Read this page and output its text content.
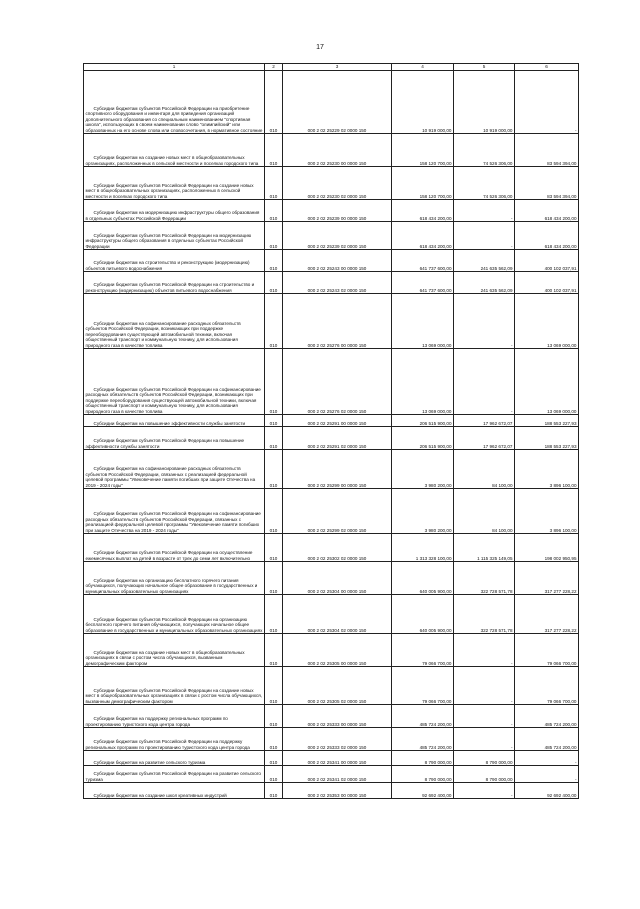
17
1	2	3	4	5	6
Субсидии бюджетам субъектов Российской Федерации на приобретение спортивного оборудования и инвентаря для приведения организаций дополнительного образования со специальным наименованием "спортивная школа", использующих в своем наименовании слово "олимпийский" или образованных на его основе слова или словосочетания, в нормативное состояние	010	000 2 02 25229 02 0000 150	10 919 000,00	10 919 000,00	-
Субсидии бюджетам на создание новых мест в общеобразовательных организациях, расположенных в сельской местности и поселках городского типа	010	000 2 02 25230 00 0000 150	158 120 700,00	74 526 306,00	83 594 394,00
Субсидии бюджетам субъектов Российской Федерации на создание новых мест в общеобразовательных организациях, расположенных в сельской местности и поселках городского типа	010	000 2 02 25230 02 0000 150	158 120 700,00	74 526 306,00	83 594 394,00
Субсидии бюджетам на модернизацию инфраструктуры общего образования в отдельных субъектах Российской Федерации	010	000 2 02 25239 00 0000 150	618 434 200,00	-	618 434 200,00
Субсидии бюджетам субъектов Российской Федерации на модернизацию инфраструктуры общего образования в отдельных субъектах Российской Федерации	010	000 2 02 25239 02 0000 150	618 434 200,00	-	618 434 200,00
Субсидии бюджетам на строительство и реконструкцию (модернизацию) объектов питьевого водоснабжения	010	000 2 02 25243 00 0000 150	641 737 600,00	241 635 562,09	400 102 037,91
Субсидии бюджетам субъектов Российской Федерации на строительство и реконструкцию (модернизацию) объектов питьевого водоснабжения	010	000 2 02 25243 02 0000 150	641 737 600,00	241 635 562,09	400 102 037,91
Субсидии бюджетам на софинансирование расходных обязательств субъектов Российской Федерации, возникающих при поддержке переоборудования существующей автомобильной техники, включая общественный транспорт и коммунальную технику, для использования природного газа в качестве топлива	010	000 2 02 25276 00 0000 150	13 069 000,00	-	13 069 000,00
Субсидии бюджетам субъектов Российской Федерации на софинансирование расходных обязательств субъектов Российской Федерации, возникающих при поддержке переоборудования существующей автомобильной техники, включая общественный транспорт и коммунальную технику, для использования природного газа в качестве топлива	010	000 2 02 25276 02 0000 150	13 069 000,00	-	13 069 000,00
Субсидии бюджетам на повышение эффективности службы занятости	010	000 2 02 25291 00 0000 150	206 515 900,00	17 962 672,07	188 553 227,93
Субсидии бюджетам субъектов Российской Федерации на повышение эффективности службы занятости	010	000 2 02 25291 02 0000 150	206 515 900,00	17 962 672,07	188 553 227,93
Субсидии бюджетам на софинансирование расходных обязательств субъектов Российской Федерации, связанных с реализацией федеральной целевой программы "Увековечение памяти погибших при защите Отечества на 2019 - 2024 годы"	010	000 2 02 25299 00 0000 150	3 980 200,00	84 100,00	3 896 100,00
Субсидии бюджетам субъектов Российской Федерации на софинансирование расходных обязательств субъектов Российской Федерации, связанных с реализацией федеральной целевой программы "Увековечение памяти погибших при защите Отечества на 2019 - 2024 годы"	010	000 2 02 25299 02 0000 150	3 980 200,00	84 100,00	3 896 100,00
Субсидии бюджетам субъектов Российской Федерации на осуществление ежемесячных выплат на детей в возрасте от трех до семи лет включительно	010	000 2 02 25302 02 0000 150	1 313 328 100,00	1 115 325 149,05	198 002 950,95
Субсидии бюджетам на организацию бесплатного горячего питания обучающихся, получающих начальное общее образование в государственных и муниципальных образовательных организациях	010	000 2 02 25304 00 0000 150	640 005 900,00	322 728 571,78	317 277 228,22
Субсидии бюджетам субъектов Российской Федерации на организацию бесплатного горячего питания обучающихся, получающих начальное общее образование в государственных и муниципальных образовательных организациях	010	000 2 02 25304 02 0000 150	640 005 900,00	322 728 571,78	317 277 228,22
Субсидии бюджетам на создание новых мест в общеобразовательных организациях в связи с ростом числа обучающихся, вызванным демографическим фактором	010	000 2 02 25305 00 0000 150	79 066 700,00	-	79 066 700,00
Субсидии бюджетам субъектов Российской Федерации на создание новых мест в общеобразовательных организациях в связи с ростом числа обучающихся, вызванным демографическим фактором	010	000 2 02 25305 02 0000 150	79 066 700,00	-	79 066 700,00
Субсидии бюджетам на поддержку региональных программ по проектированию туристского кода центра города	010	000 2 02 25333 00 0000 150	485 724 200,00	-	485 724 200,00
Субсидии бюджетам субъектов Российской Федерации на поддержку региональных программ по проектированию туристского кода центра города	010	000 2 02 25333 02 0000 150	485 724 200,00	-	485 724 200,00
Субсидии бюджетам на развитие сельского туризма	010	000 2 02 25341 00 0000 150	8 790 000,00	8 790 000,00	-
Субсидии бюджетам субъектов Российской Федерации на развитие сельского туризма	010	000 2 02 25341 02 0000 150	8 790 000,00	8 790 000,00	-
Субсидии бюджетам на создание школ креативных индустрий	010	000 2 02 25353 00 0000 150	92 692 400,00	-	92 692 400,00
